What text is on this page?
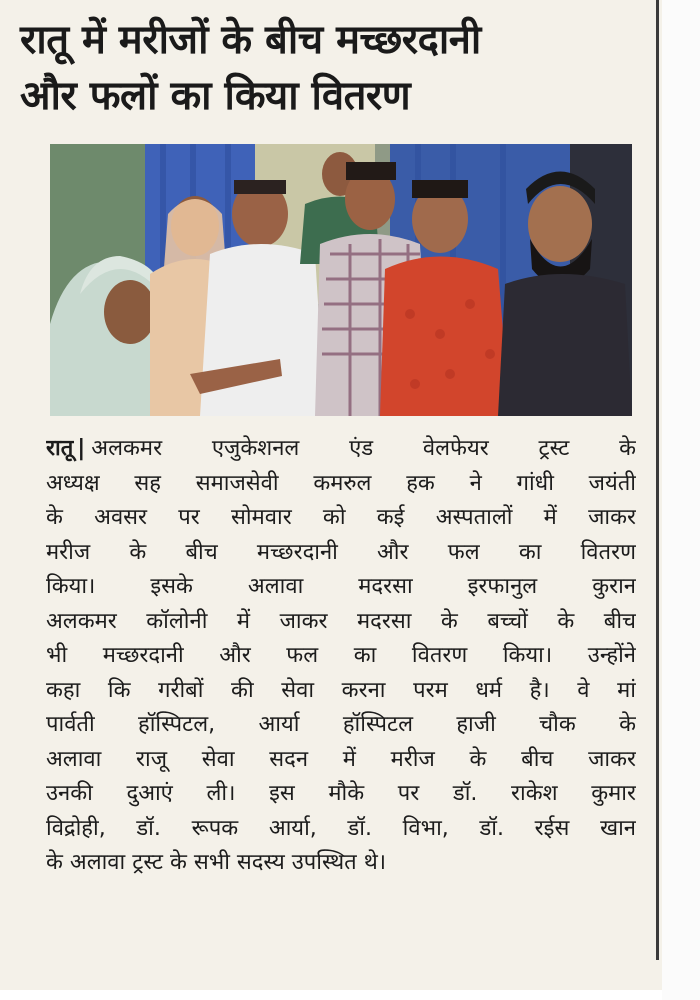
रातू में मरीजों के बीच मच्छरदानी
और फलों का किया वितरण

रातू | अलकमर एजुकेशनल एंड वेलफेयर ट्रस्ट के
अध्यक्ष सह समाजसेवी कमरुल हक ने गांधी जयंती
के अवसर पर सोमवार को कई अस्पतालों में जाकर
मरीज के बीच मच्छरदानी और फल का वितरण
किया। इसके अलावा मदरसा इरफानुल कुरान
अलकमर कॉलोनी में जाकर मदरसा के बच्चों के बीच
भी मच्छरदानी और फल का वितरण किया। उन्होंने
कहा कि गरीबों की सेवा करना परम धर्म है। वे मां
पार्वती हॉस्पिटल, आर्या हॉस्पिटल हाजी चौक के
अलावा राजू सेवा सदन में मरीज के बीच जाकर
उनकी दुआएं ली। इस मौके पर डॉ. राकेश कुमार
विद्रोही, डॉ. रूपक आर्या, डॉ. विभा, डॉ. रईस खान
के अलावा ट्रस्ट के सभी सदस्य उपस्थित थे।
